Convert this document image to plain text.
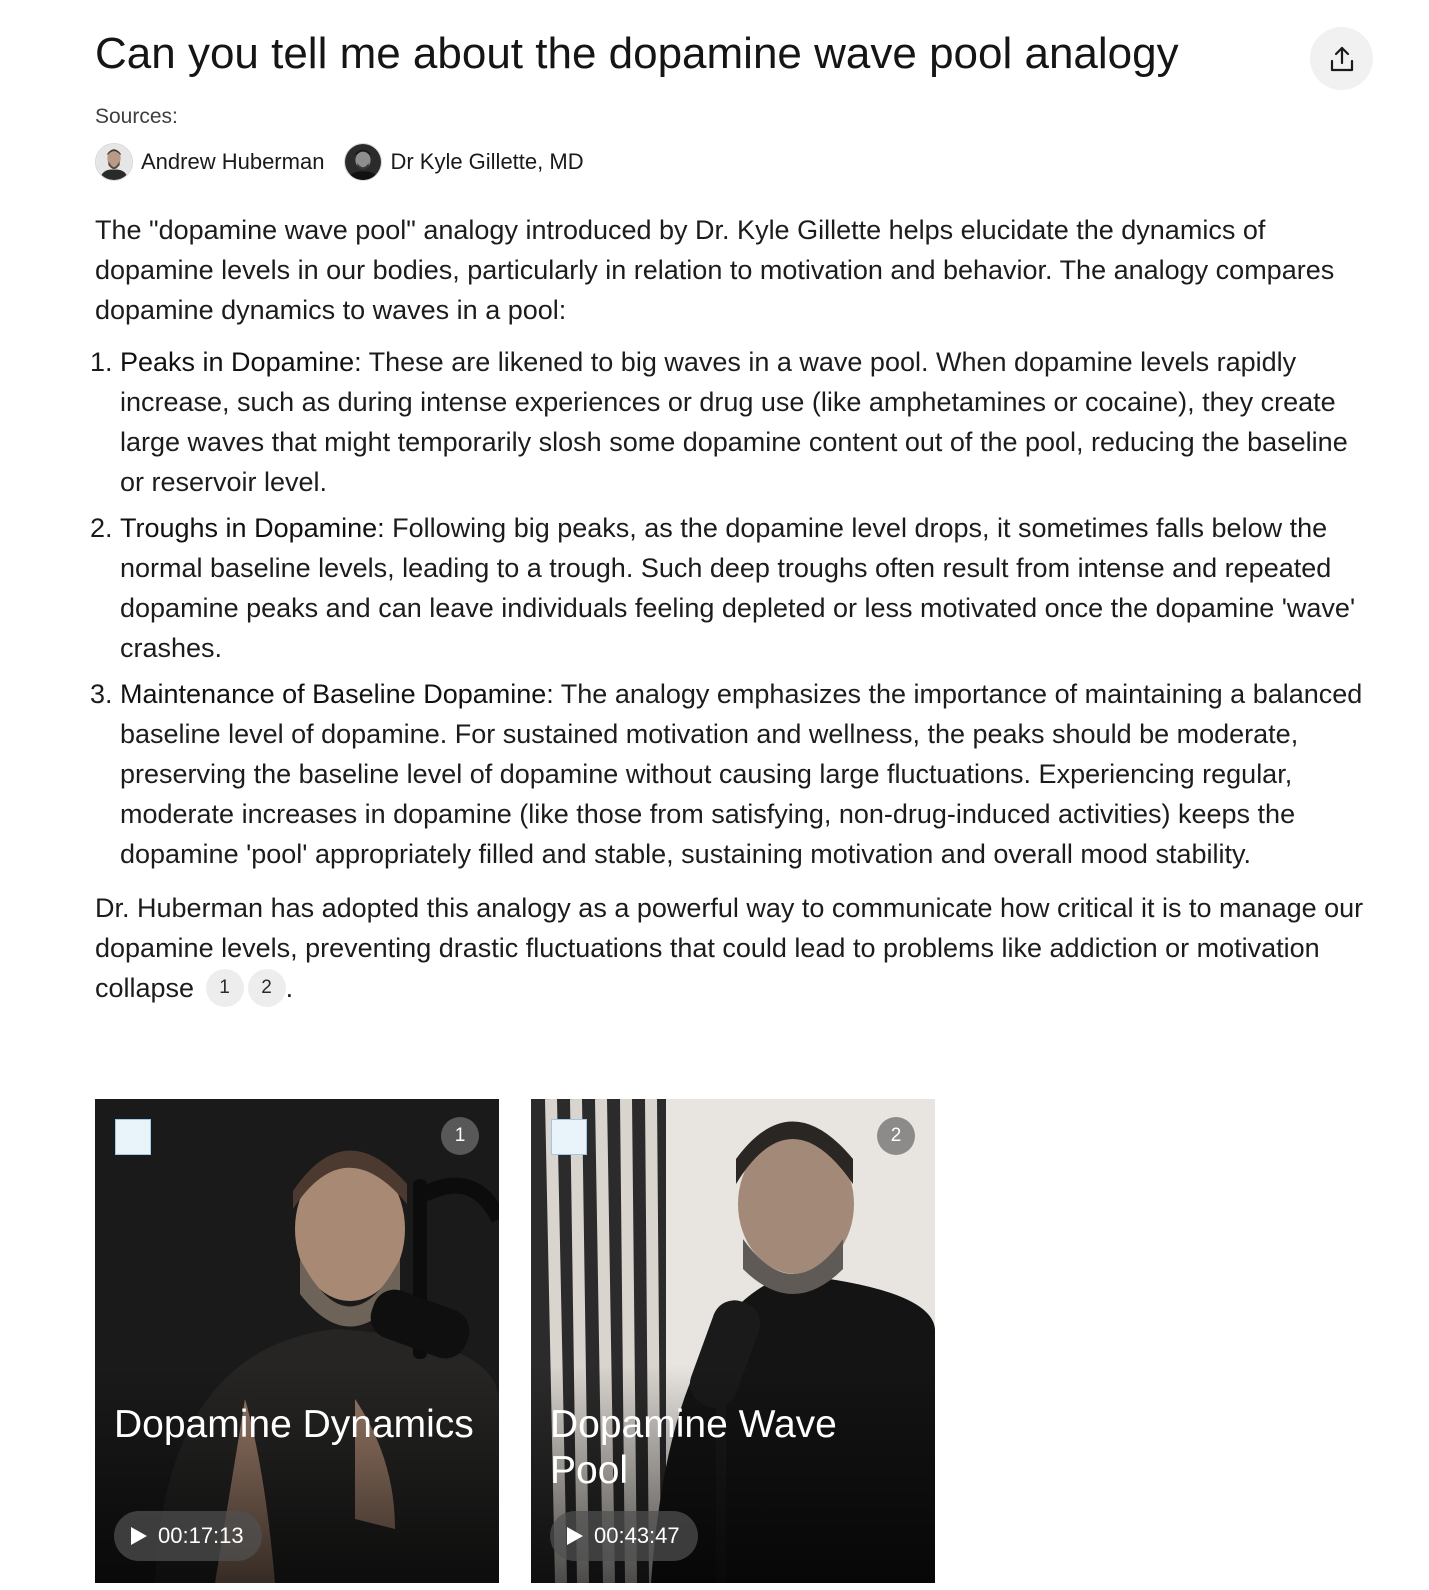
Can you tell me about the dopamine wave pool analogy
Sources:
Andrew Huberman	Dr Kyle Gillette, MD

The "dopamine wave pool" analogy introduced by Dr. Kyle Gillette helps elucidate the dynamics of dopamine levels in our bodies, particularly in relation to motivation and behavior. The analogy compares dopamine dynamics to waves in a pool:

1. Peaks in Dopamine: These are likened to big waves in a wave pool. When dopamine levels rapidly increase, such as during intense experiences or drug use (like amphetamines or cocaine), they create large waves that might temporarily slosh some dopamine content out of the pool, reducing the baseline or reservoir level.
2. Troughs in Dopamine: Following big peaks, as the dopamine level drops, it sometimes falls below the normal baseline levels, leading to a trough. Such deep troughs often result from intense and repeated dopamine peaks and can leave individuals feeling depleted or less motivated once the dopamine 'wave' crashes.
3. Maintenance of Baseline Dopamine: The analogy emphasizes the importance of maintaining a balanced baseline level of dopamine. For sustained motivation and wellness, the peaks should be moderate, preserving the baseline level of dopamine without causing large fluctuations. Experiencing regular, moderate increases in dopamine (like those from satisfying, non-drug-induced activities) keeps the dopamine 'pool' appropriately filled and stable, sustaining motivation and overall mood stability.

Dr. Huberman has adopted this analogy as a powerful way to communicate how critical it is to manage our dopamine levels, preventing drastic fluctuations that could lead to problems like addiction or motivation collapse 1 2 .

1
Dopamine Dynamics
00:17:13
2
Dopamine Wave Pool
00:43:47
